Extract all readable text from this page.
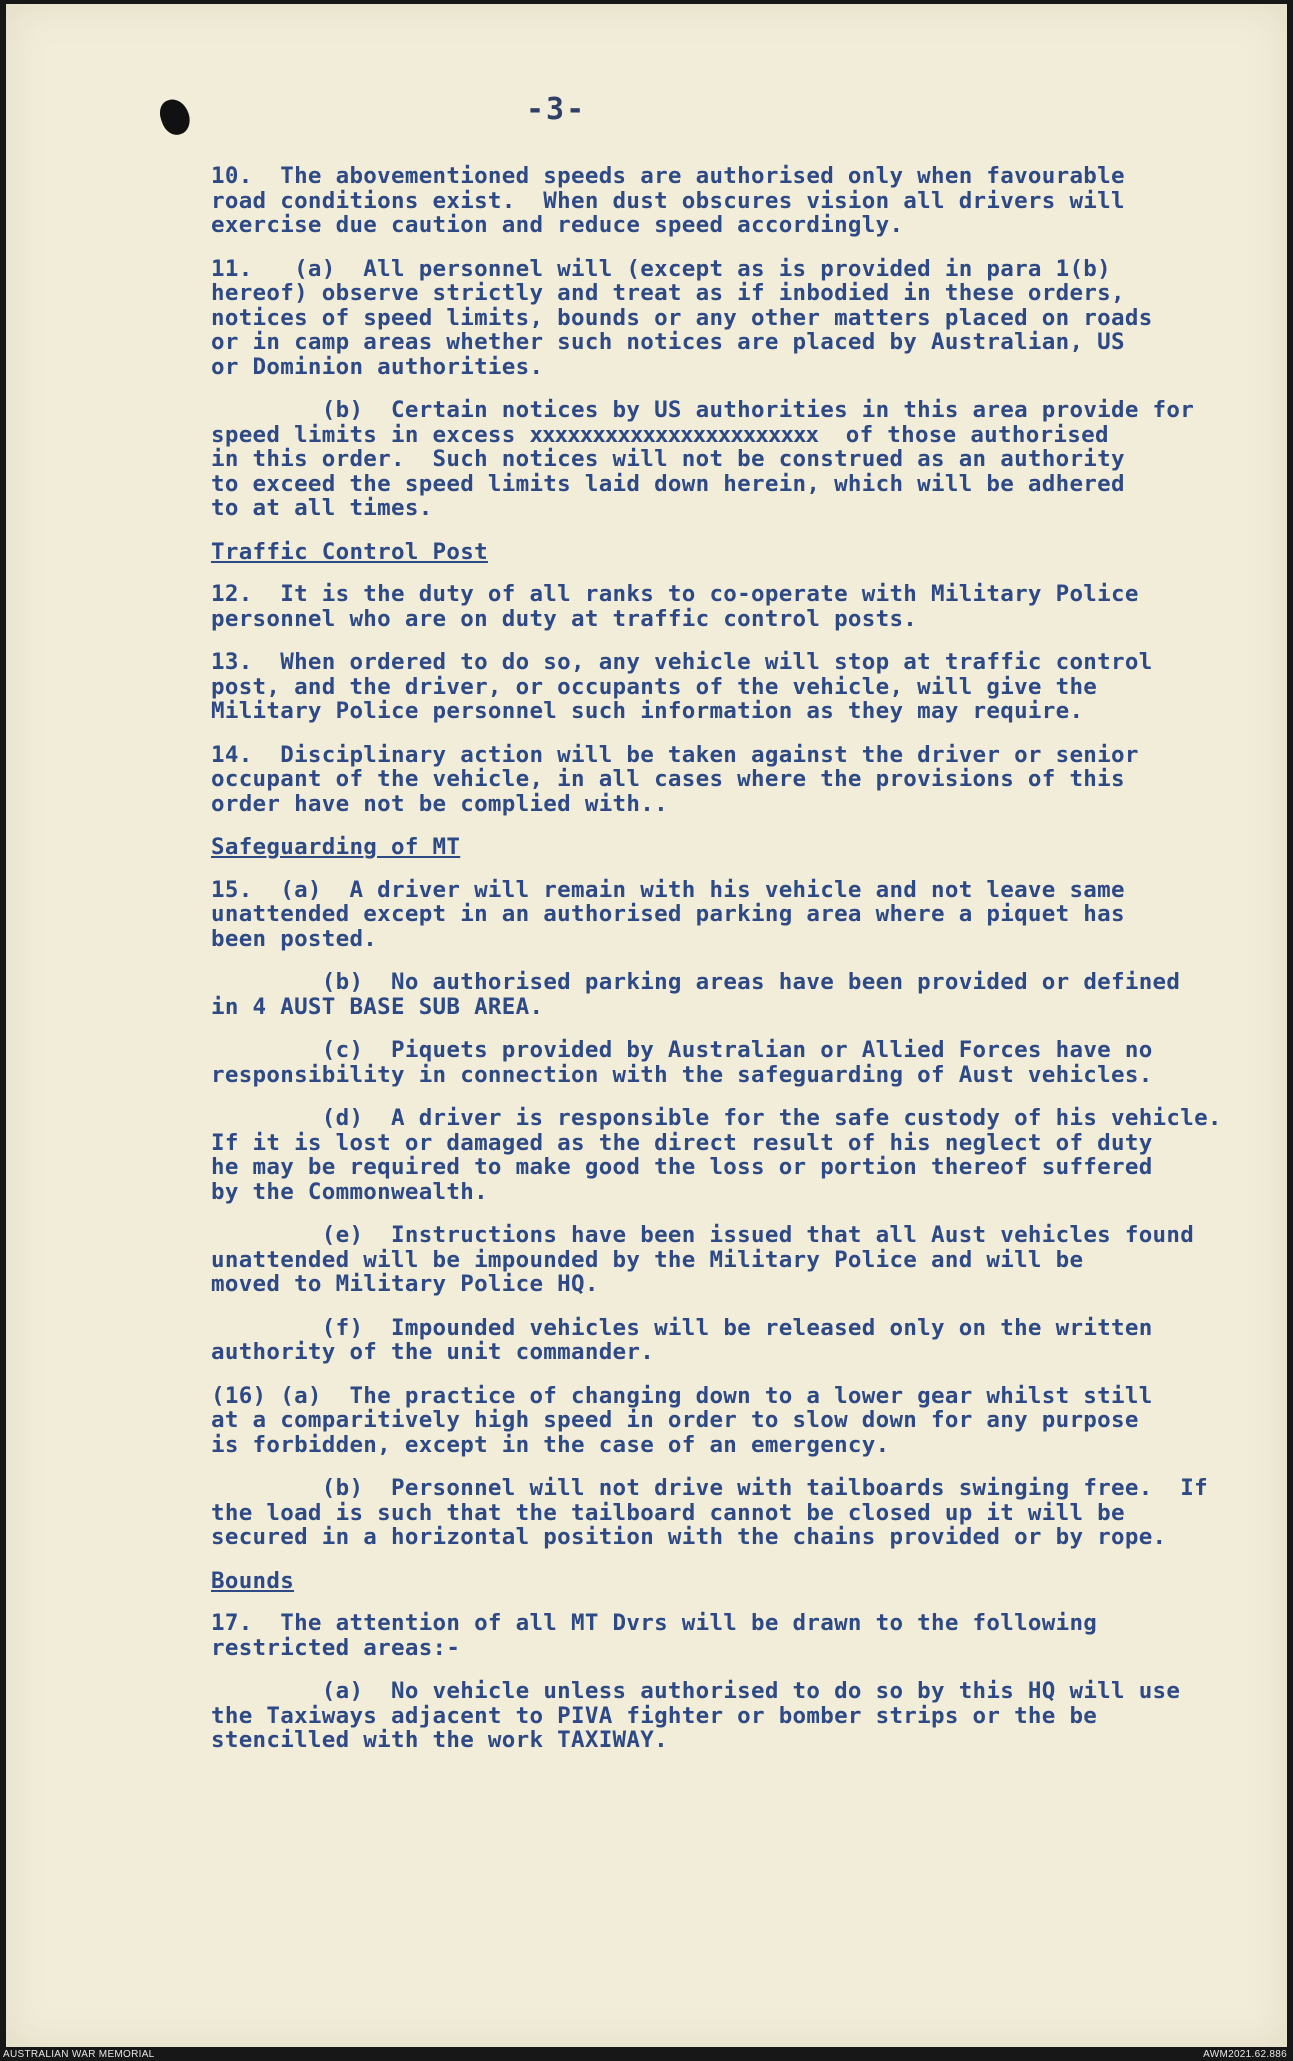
-3-
10.  The abovementioned speeds are authorised only when favourable
road conditions exist.  When dust obscures vision all drivers will
exercise due caution and reduce speed accordingly.
11.   (a)  All personnel will (except as is provided in para 1(b)
hereof) observe strictly and treat as if inbodied in these orders,
notices of speed limits, bounds or any other matters placed on roads
or in camp areas whether such notices are placed by Australian, US
or Dominion authorities.
(b)  Certain notices by US authorities in this area provide for
speed limits in excess xxxxxxxxxxxxxxxxxxxxxxx  of those authorised
in this order.  Such notices will not be construed as an authority
to exceed the speed limits laid down herein, which will be adhered
to at all times.
Traffic Control Post
12.  It is the duty of all ranks to co-operate with Military Police
personnel who are on duty at traffic control posts.
13.  When ordered to do so, any vehicle will stop at traffic control
post, and the driver, or occupants of the vehicle, will give the
Military Police personnel such information as they may require.
14.  Disciplinary action will be taken against the driver or senior
occupant of the vehicle, in all cases where the provisions of this
order have not be complied with..
Safeguarding of MT
15.  (a)  A driver will remain with his vehicle and not leave same
unattended except in an authorised parking area where a piquet has
been posted.
(b)  No authorised parking areas have been provided or defined
in 4 AUST BASE SUB AREA.
(c)  Piquets provided by Australian or Allied Forces have no
responsibility in connection with the safeguarding of Aust vehicles.
(d)  A driver is responsible for the safe custody of his vehicle.
If it is lost or damaged as the direct result of his neglect of duty
he may be required to make good the loss or portion thereof suffered
by the Commonwealth.
(e)  Instructions have been issued that all Aust vehicles found
unattended will be impounded by the Military Police and will be
moved to Military Police HQ.
(f)  Impounded vehicles will be released only on the written
authority of the unit commander.
(16) (a)  The practice of changing down to a lower gear whilst still
at a comparitively high speed in order to slow down for any purpose
is forbidden, except in the case of an emergency.
(b)  Personnel will not drive with tailboards swinging free.  If
the load is such that the tailboard cannot be closed up it will be
secured in a horizontal position with the chains provided or by rope.
Bounds
17.  The attention of all MT Dvrs will be drawn to the following
restricted areas:-
(a)  No vehicle unless authorised to do so by this HQ will use
the Taxiways adjacent to PIVA fighter or bomber strips or the be
stencilled with the work TAXIWAY.
AUSTRALIAN WAR MEMORIAL	AWM2021.62.886
